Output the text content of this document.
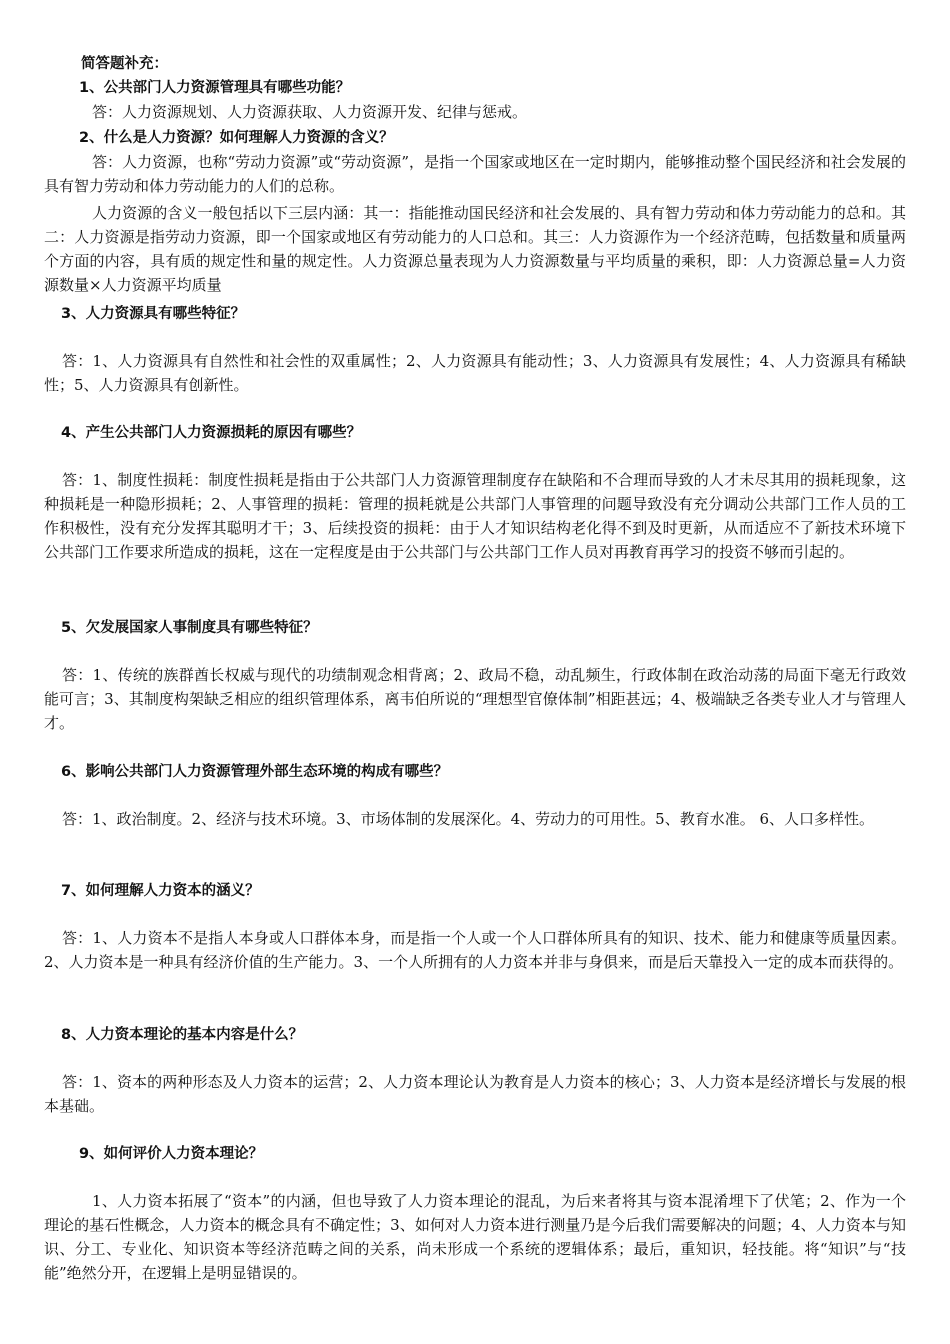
简答题补充：

1、公共部门人力资源管理具有哪些功能？

答：人力资源规划、人力资源获取、人力资源开发、纪律与惩戒。

2、什么是人力资源？如何理解人力资源的含义？

答：人力资源，也称“劳动力资源”或“劳动资源”，是指一个国家或地区在一定时期内，能够推动整个国民经济和社会发展的具有智力劳动和体力劳动能力的人们的总称。

人力资源的含义一般包括以下三层内涵：其一：指能推动国民经济和社会发展的、具有智力劳动和体力劳动能力的总和。其二：人力资源是指劳动力资源，即一个国家或地区有劳动能力的人口总和。其三：人力资源作为一个经济范畴，包括数量和质量两个方面的内容，具有质的规定性和量的规定性。人力资源总量表现为人力资源数量与平均质量的乘积，即：人力资源总量=人力资源数量×人力资源平均质量

3、人力资源具有哪些特征？

答：1、人力资源具有自然性和社会性的双重属性；2、人力资源具有能动性；3、人力资源具有发展性；4、人力资源具有稀缺性；5、人力资源具有创新性。

4、产生公共部门人力资源损耗的原因有哪些？

答：1、制度性损耗：制度性损耗是指由于公共部门人力资源管理制度存在缺陷和不合理而导致的人才未尽其用的损耗现象，这种损耗是一种隐形损耗；2、人事管理的损耗：管理的损耗就是公共部门人事管理的问题导致没有充分调动公共部门工作人员的工作积极性，没有充分发挥其聪明才干；3、后续投资的损耗：由于人才知识结构老化得不到及时更新，从而适应不了新技术环境下公共部门工作要求所造成的损耗，这在一定程度是由于公共部门与公共部门工作人员对再教育再学习的投资不够而引起的。

5、欠发展国家人事制度具有哪些特征？

答：1、传统的族群酋长权威与现代的功绩制观念相背离；2、政局不稳，动乱频生，行政体制在政治动荡的局面下毫无行政效能可言；3、其制度构架缺乏相应的组织管理体系，离韦伯所说的“理想型官僚体制”相距甚远；4、极端缺乏各类专业人才与管理人才。

6、影响公共部门人力资源管理外部生态环境的构成有哪些？

答：1、政治制度。2、经济与技术环境。3、市场体制的发展深化。4、劳动力的可用性。5、教育水准。 6、人口多样性。

7、如何理解人力资本的涵义？

答：1、人力资本不是指人本身或人口群体本身，而是指一个人或一个人口群体所具有的知识、技术、能力和健康等质量因素。2、人力资本是一种具有经济价值的生产能力。3、一个人所拥有的人力资本并非与身俱来，而是后天靠投入一定的成本而获得的。

8、人力资本理论的基本内容是什么？

答：1、资本的两种形态及人力资本的运营；2、人力资本理论认为教育是人力资本的核心；3、人力资本是经济增长与发展的根本基础。

9、如何评价人力资本理论？

1、人力资本拓展了“资本”的内涵，但也导致了人力资本理论的混乱，为后来者将其与资本混淆埋下了伏笔；2、作为一个理论的基石性概念，人力资本的概念具有不确定性；3、如何对人力资本进行测量乃是今后我们需要解决的问题；4、人力资本与知识、分工、专业化、知识资本等经济范畴之间的关系，尚未形成一个系统的逻辑体系；最后，重知识，轻技能。将“知识”与“技能”绝然分开，在逻辑上是明显错误的。
